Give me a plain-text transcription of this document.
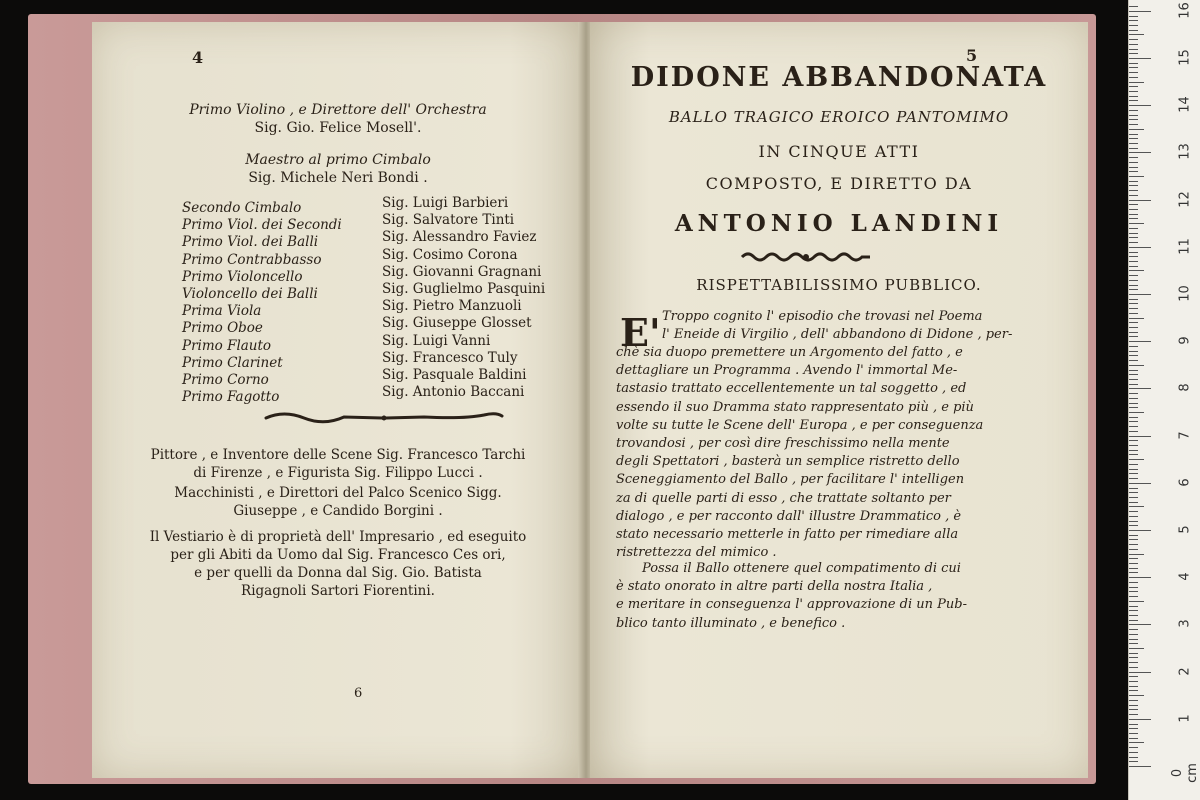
4
Primo Violino , e Direttore dell' Orchestra
Sig. Gio. Felice Mosell'.
Maestro al primo Cimbalo
Sig. Michele Neri Bondi .
Secondo Cimbalo
Primo Viol. dei Secondi
Primo Viol. dei Balli
Primo Contrabbasso
Primo Violoncello
Violoncello dei Balli
Prima Viola
Primo Oboe
Primo Flauto
Primo Clarinet
Primo Corno
Primo Fagotto
Sig. Luigi Barbieri
Sig. Salvatore Tinti
Sig. Alessandro Faviez
Sig. Cosimo Corona
Sig. Giovanni Gragnani
Sig. Guglielmo Pasquini
Sig. Pietro Manzuoli
Sig. Giuseppe Glosset
Sig. Luigi Vanni
Sig. Francesco Tuly
Sig. Pasquale Baldini
Sig. Antonio Baccani
Pittore , e Inventore delle Scene Sig. Francesco Tarchi
di Firenze , e Figurista Sig. Filippo Lucci .
Macchinisti , e Direttori del Palco Scenico Sigg.
Giuseppe , e Candido Borgini .
Il Vestiario è di proprietà dell' Impresario , ed eseguito
per gli Abiti da Uomo dal Sig. Francesco Ces ori,
e per quelli da Donna dal Sig. Gio. Batista
Rigagnoli Sartori Fiorentini.
6
5
DIDONE ABBANDONATA
BALLO TRAGICO EROICO PANTOMIMO
IN CINQUE ATTI
COMPOSTO, E DIRETTO DA
ANTONIO LANDINI
RISPETTABILISSIMO PUBBLICO.
E' Troppo cognito l' episodio che trovasi nel Poema
l' Eneide di Virgilio , dell' abbandono di Didone , per-
chè sia duopo premettere un Argomento del fatto , e
dettagliare un Programma . Avendo l' immortal Me-
tastasio trattato eccellentemente un tal soggetto , ed
essendo il suo Dramma stato rappresentato più , e più
volte su tutte le Scene dell' Europa , e per conseguenza
trovandosi , per così dire freschissimo nella mente
degli Spettatori , basterà un semplice ristretto dello
Sceneggiamento del Ballo , per facilitare l' intelligen
za di quelle parti di esso , che trattate soltanto per
dialogo , e per racconto dall' illustre Drammatico , è
stato necessario metterle in fatto per rimediare alla
ristrettezza del mimico .
Possa il Ballo ottenere quel compatimento di cui
è stato onorato in altre parti della nostra Italia ,
e meritare in conseguenza l' approvazione di un Pub-
blico tanto illuminato , e benefico .
0 cm
1
2
3
4
5
6
7
8
9
10
11
12
13
14
15
16
